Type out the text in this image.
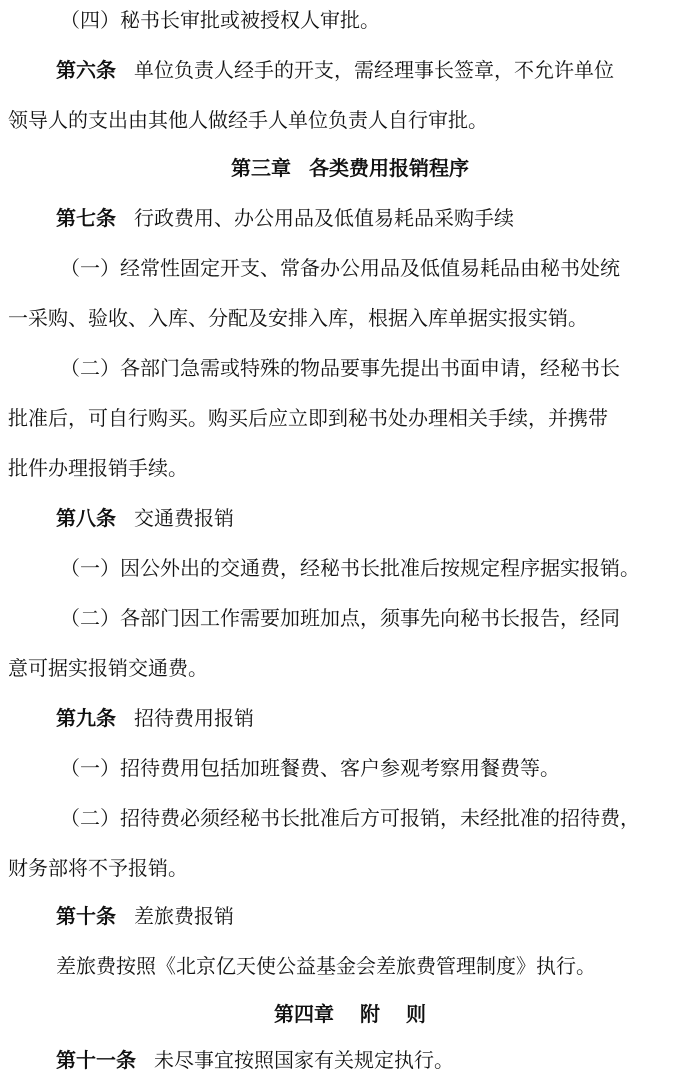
（四）秘书长审批或被授权人审批。
第六条 单位负责人经手的开支，需经理事长签章，不允许单位
领导人的支出由其他人做经手人单位负责人自行审批。
第三章 各类费用报销程序
第七条 行政费用、办公用品及低值易耗品采购手续
（一）经常性固定开支、常备办公用品及低值易耗品由秘书处统
一采购、验收、入库、分配及安排入库，根据入库单据实报实销。
（二）各部门急需或特殊的物品要事先提出书面申请，经秘书长
批准后，可自行购买。购买后应立即到秘书处办理相关手续，并携带
批件办理报销手续。
第八条 交通费报销
（一）因公外出的交通费，经秘书长批准后按规定程序据实报销。
（二）各部门因工作需要加班加点，须事先向秘书长报告，经同
意可据实报销交通费。
第九条 招待费用报销
（一）招待费用包括加班餐费、客户参观考察用餐费等。
（二）招待费必须经秘书长批准后方可报销，未经批准的招待费，
财务部将不予报销。
第十条 差旅费报销
差旅费按照《北京亿天使公益基金会差旅费管理制度》执行。
第四章 附 则
第十一条 未尽事宜按照国家有关规定执行。
